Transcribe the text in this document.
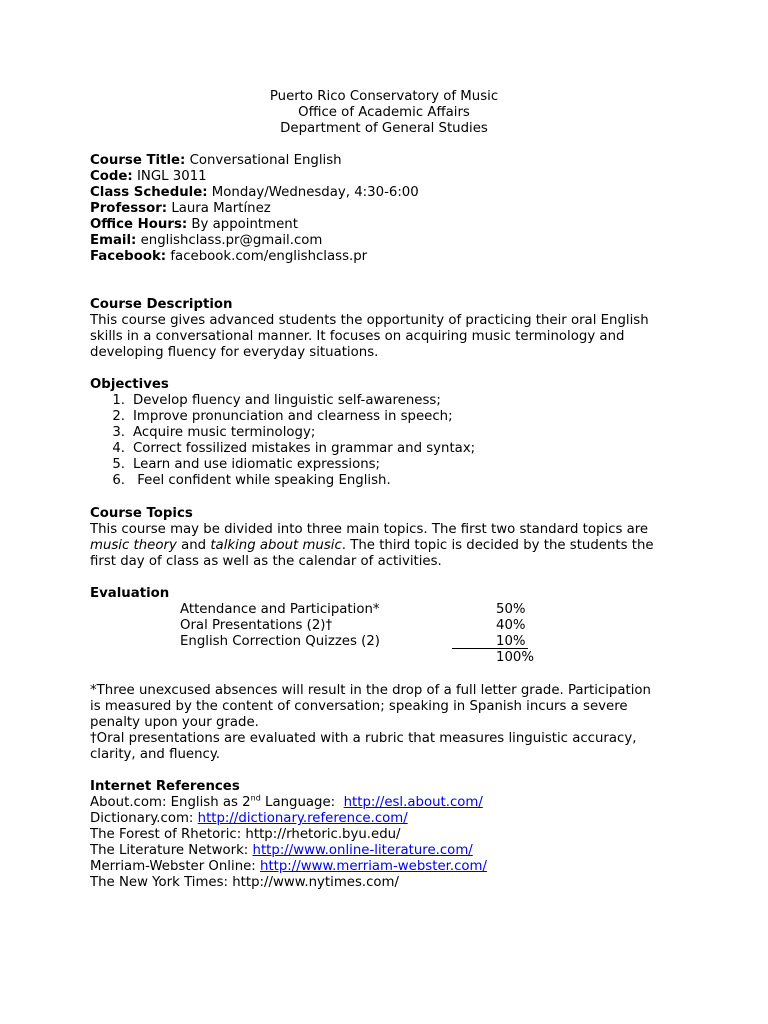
Puerto Rico Conservatory of Music
Office of Academic Affairs
Department of General Studies
Course Title: Conversational English
Code: INGL 3011
Class Schedule: Monday/Wednesday, 4:30-6:00
Professor: Laura Martínez
Office Hours: By appointment
Email: englishclass.pr@gmail.com
Facebook: facebook.com/englishclass.pr
Course Description
This course gives advanced students the opportunity of practicing their oral English
skills in a conversational manner. It focuses on acquiring music terminology and
developing fluency for everyday situations.
Objectives
1. Develop fluency and linguistic self-awareness;
2. Improve pronunciation and clearness in speech;
3. Acquire music terminology;
4. Correct fossilized mistakes in grammar and syntax;
5. Learn and use idiomatic expressions;
6. Feel confident while speaking English.
Course Topics
This course may be divided into three main topics. The first two standard topics are
music theory and talking about music. The third topic is decided by the students the
first day of class as well as the calendar of activities.
Evaluation
Attendance and Participation*	50%
Oral Presentations (2)†	40%
English Correction Quizzes (2)	10%
100%
*Three unexcused absences will result in the drop of a full letter grade. Participation
is measured by the content of conversation; speaking in Spanish incurs a severe
penalty upon your grade.
†Oral presentations are evaluated with a rubric that measures linguistic accuracy,
clarity, and fluency.
Internet References
About.com: English as 2nd Language:  http://esl.about.com/
Dictionary.com: http://dictionary.reference.com/
The Forest of Rhetoric: http://rhetoric.byu.edu/
The Literature Network: http://www.online-literature.com/
Merriam-Webster Online: http://www.merriam-webster.com/
The New York Times: http://www.nytimes.com/
